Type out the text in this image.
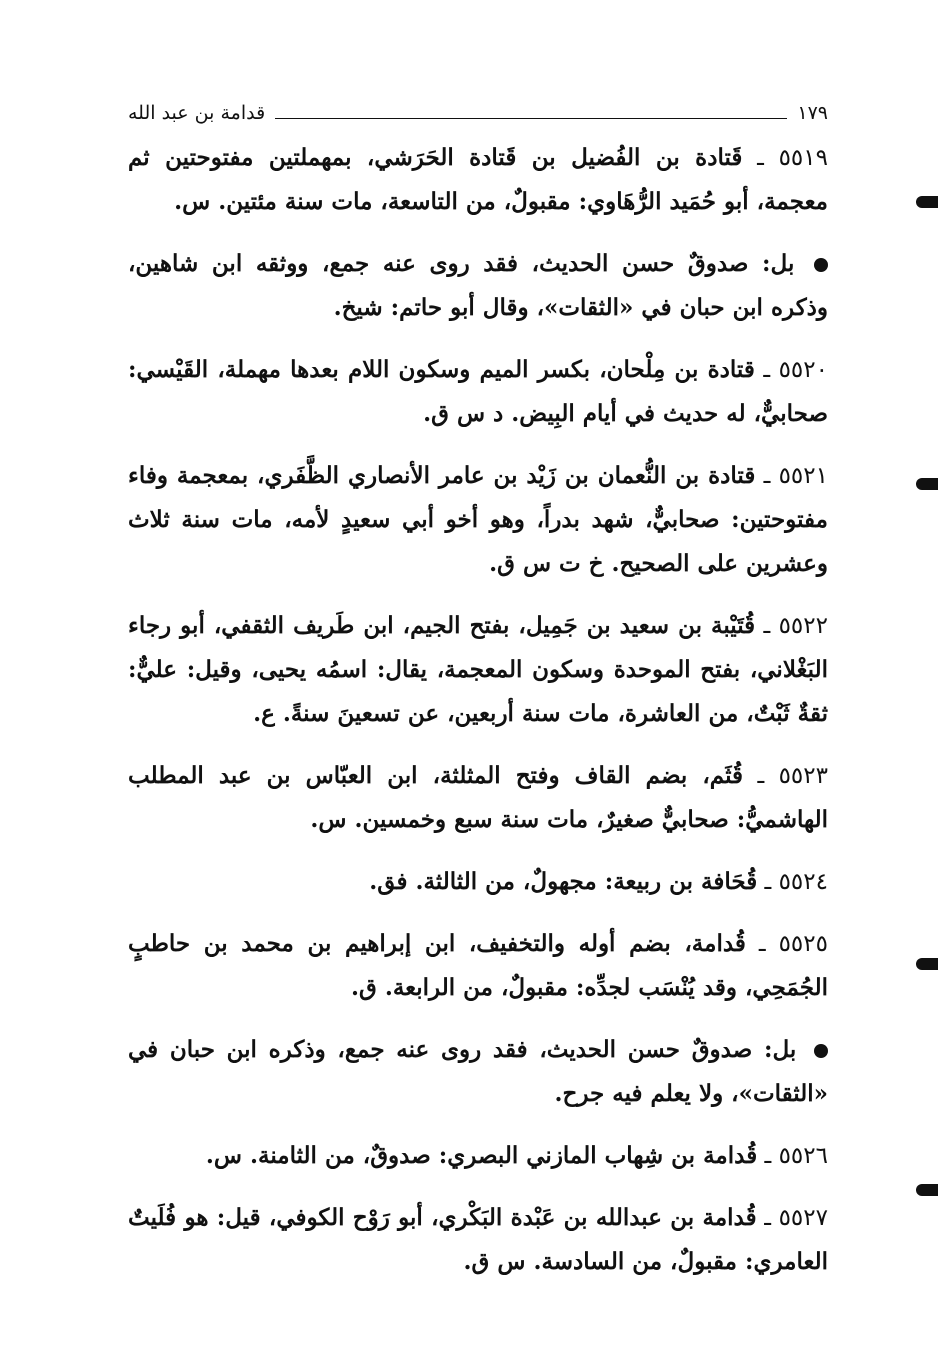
قدامة بن عبد الله	١٧٩

٥٥١٩ ـ قَتادة بن الفُضيل بن قَتادة الحَرَشي، بمهملتين مفتوحتين ثم معجمة، أبو حُمَيد الرُّهَاوي: مقبولٌ، من التاسعة، مات سنة مئتين. س.

بل: صدوقٌ حسن الحديث، فقد روى عنه جمع، ووثقه ابن شاهين، وذكره ابن حبان في «الثقات»، وقال أبو حاتم: شيخ.

٥٥٢٠ ـ قتادة بن مِلْحان، بكسر الميم وسكون اللام بعدها مهملة، القَيْسي: صحابيٌّ، له حديث في أيام البِيض. د س ق.

٥٥٢١ ـ قتادة بن النُّعمان بن زَيْد بن عامر الأنصاري الظَّفَري، بمعجمة وفاء مفتوحتين: صحابيٌّ، شهد بدراً، وهو أخو أبي سعيدٍ لأمه، مات سنة ثلاث وعشرين على الصحيح. خ ت س ق.

٥٥٢٢ ـ قُتَيْبة بن سعيد بن جَمِيل، بفتح الجيم، ابن طَريف الثقفي، أبو رجاء البَغْلاني، بفتح الموحدة وسكون المعجمة، يقال: اسمُه يحيى، وقيل: عليٌّ: ثقةٌ ثَبْتٌ، من العاشرة، مات سنة أربعين، عن تسعينَ سنةً. ع.

٥٥٢٣ ـ قُثَم، بضم القاف وفتح المثلثة، ابن العبّاس بن عبد المطلب الهاشميُّ: صحابيٌّ صغيرٌ، مات سنة سبع وخمسين. س.

٥٥٢٤ ـ قُحَافة بن ربيعة: مجهولٌ، من الثالثة. فق.

٥٥٢٥ ـ قُدامة، بضم أوله والتخفيف، ابن إبراهيم بن محمد بن حاطبٍ الجُمَحِي، وقد يُنْسَب لجدِّه: مقبولٌ، من الرابعة. ق.

بل: صدوقٌ حسن الحديث، فقد روى عنه جمع، وذكره ابن حبان في «الثقات»، ولا يعلم فيه جرح.

٥٥٢٦ ـ قُدامة بن شِهاب المازني البصري: صدوقٌ، من الثامنة. س.

٥٥٢٧ ـ قُدامة بن عبدالله بن عَبْدة البَكْري، أبو رَوْح الكوفي، قيل: هو فُلَيتٌ العامري: مقبولٌ، من السادسة. س ق.
